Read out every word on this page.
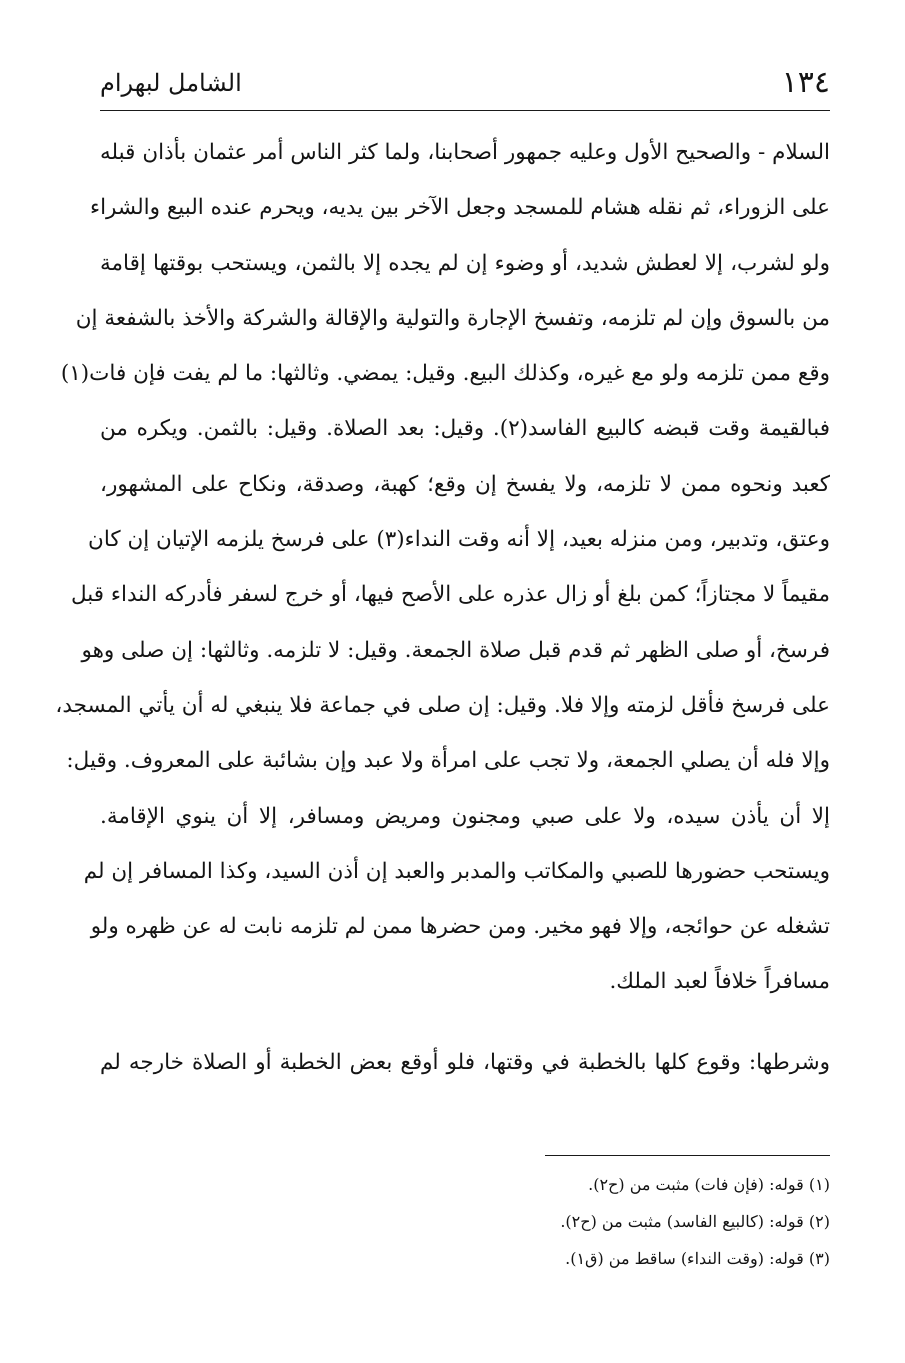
١٣٤
الشامل لبهرام
السلام - والصحيح الأول وعليه جمهور أصحابنا، ولما كثر الناس أمر عثمان بأذان قبله
على الزوراء، ثم نقله هشام للمسجد وجعل الآخر بين يديه، ويحرم عنده البيع والشراء
ولو لشرب، إلا لعطش شديد، أو وضوء إن لم يجده إلا بالثمن، ويستحب بوقتها إقامة
من بالسوق وإن لم تلزمه، وتفسخ الإجارة والتولية والإقالة والشركة والأخذ بالشفعة إن
وقع ممن تلزمه ولو مع غيره، وكذلك البيع. وقيل: يمضي. وثالثها: ما لم يفت فإن فات(١)
فبالقيمة وقت قبضه كالبيع الفاسد(٢). وقيل: بعد الصلاة. وقيل: بالثمن. ويكره من
كعبد ونحوه ممن لا تلزمه، ولا يفسخ إن وقع؛ كهبة، وصدقة، ونكاح على المشهور،
وعتق، وتدبير، ومن منزله بعيد، إلا أنه وقت النداء(٣) على فرسخ يلزمه الإتيان إن كان
مقيماً لا مجتازاً؛ كمن بلغ أو زال عذره على الأصح فيها، أو خرج لسفر فأدركه النداء قبل
فرسخ، أو صلى الظهر ثم قدم قبل صلاة الجمعة. وقيل: لا تلزمه. وثالثها: إن صلى وهو
على فرسخ فأقل لزمته وإلا فلا. وقيل: إن صلى في جماعة فلا ينبغي له أن يأتي المسجد،
وإلا فله أن يصلي الجمعة، ولا تجب على امرأة ولا عبد وإن بشائبة على المعروف. وقيل:
إلا أن يأذن سيده، ولا على صبي ومجنون ومريض ومسافر، إلا أن ينوي الإقامة.
ويستحب حضورها للصبي والمكاتب والمدبر والعبد إن أذن السيد، وكذا المسافر إن لم
تشغله عن حوائجه، وإلا فهو مخير. ومن حضرها ممن لم تلزمه نابت له عن ظهره ولو
مسافراً خلافاً لعبد الملك.
وشرطها: وقوع كلها بالخطبة في وقتها، فلو أوقع بعض الخطبة أو الصلاة خارجه لم
(١) قوله: (فإن فات) مثبت من (ح٢).
(٢) قوله: (كالبيع الفاسد) مثبت من (ح٢).
(٣) قوله: (وقت النداء) ساقط من (ق١).
